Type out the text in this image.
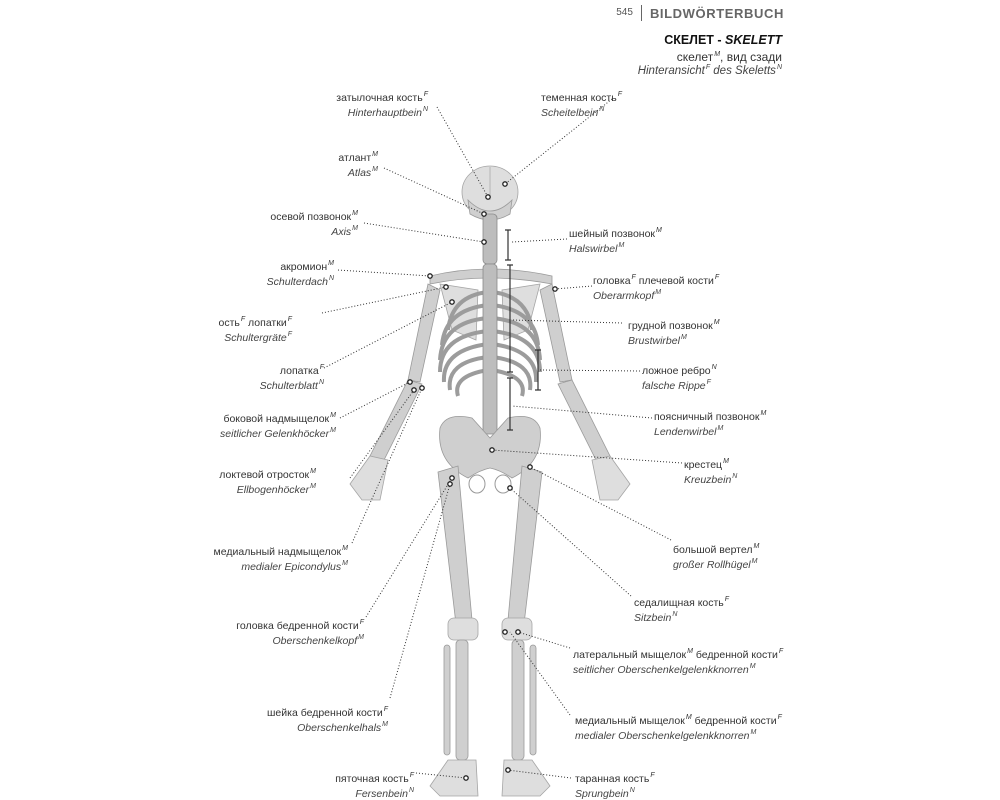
545	BILDWÖRTERBUCH
СКЕЛЕТ - SKELETT
скелет$^M$, вид сзади
Hinteransicht$^F$ des Skeletts$^N$
затылочная кость$^F$
Hinterhauptbein$^N$
атлант$^M$
Atlas$^M$
осевой позвонок$^M$
Axis$^M$
акромион$^M$
Schulterdach$^N$
ость$^F$ лопатки$^F$
Schultergräte$^F$
лопатка$^F$
Schulterblatt$^N$
боковой надмыщелок$^M$
seitlicher Gelenkhöcker$^M$
локтевой отросток$^M$
Ellbogenhöcker$^M$
медиальный надмыщелок$^M$
medialer Epicondylus$^M$
головка бедренной кости$^F$
Oberschenkelkopf$^M$
шейка бедренной кости$^F$
Oberschenkelhals$^M$
пяточная кость$^F$
Fersenbein$^N$
теменная кость$^F$
Scheitelbein$^N$
шейный позвонок$^M$
Halswirbel$^M$
головка$^F$ плечевой кости$^F$
Oberarmkopf$^M$
грудной позвонок$^M$
Brustwirbel$^M$
ложное ребро$^N$
falsche Rippe$^F$
поясничный позвонок$^M$
Lendenwirbel$^M$
крестец$^M$
Kreuzbein$^N$
большой вертел$^M$
großer Rollhügel$^M$
седалищная кость$^F$
Sitzbein$^N$
латеральный мыщелок$^M$ бедренной кости$^F$
seitlicher Oberschenkelgelenkknorren$^M$
медиальный мыщелок$^M$ бедренной кости$^F$
medialer Oberschenkelgelenkknorren$^M$
таранная кость$^F$
Sprungbein$^N$
